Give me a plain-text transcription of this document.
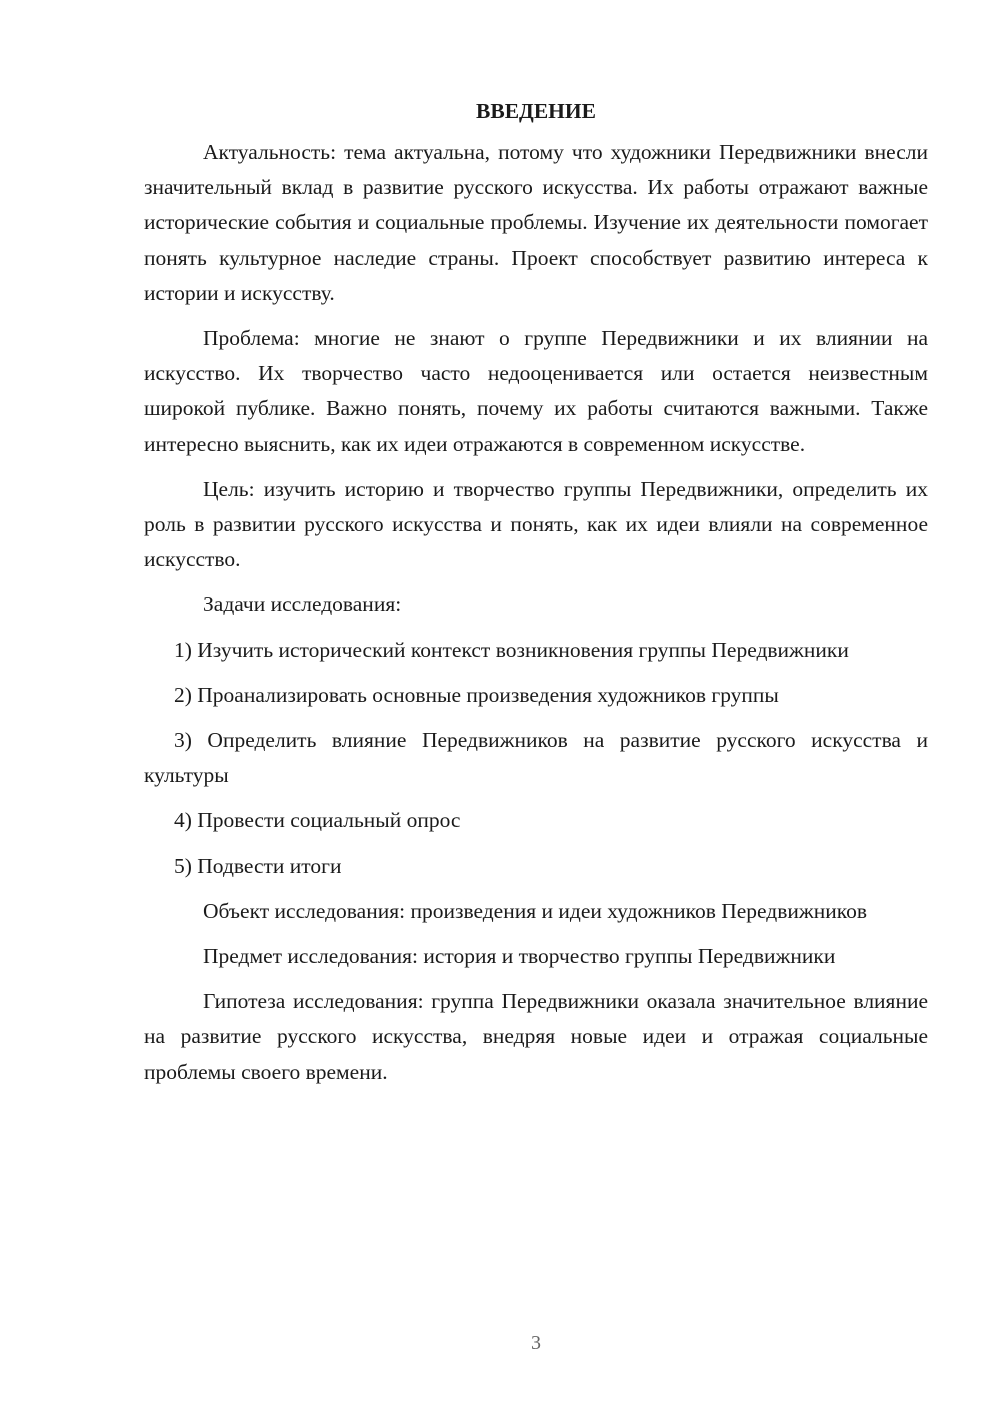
ВВЕДЕНИЕ

Актуальность: тема актуальна, потому что художники Передвижники внесли значительный вклад в развитие русского искусства. Их работы отражают важные исторические события и социальные проблемы. Изучение их деятельности помогает понять культурное наследие страны. Проект способствует развитию интереса к истории и искусству.

Проблема: многие не знают о группе Передвижники и их влиянии на искусство. Их творчество часто недооценивается или остается неизвестным широкой публике. Важно понять, почему их работы считаются важными. Также интересно выяснить, как их идеи отражаются в современном искусстве.

Цель: изучить историю и творчество группы Передвижники, определить их роль в развитии русского искусства и понять, как их идеи влияли на современное искусство.

Задачи исследования:

1) Изучить исторический контекст возникновения группы Передвижники

2) Проанализировать основные произведения художников группы

3) Определить влияние Передвижников на развитие русского искусства и культуры

4) Провести социальный опрос

5) Подвести итоги

Объект исследования: произведения и идеи художников Передвижников

Предмет исследования: история и творчество группы Передвижники

Гипотеза исследования: группа Передвижники оказала значительное влияние на развитие русского искусства, внедряя новые идеи и отражая социальные проблемы своего времени.

3
